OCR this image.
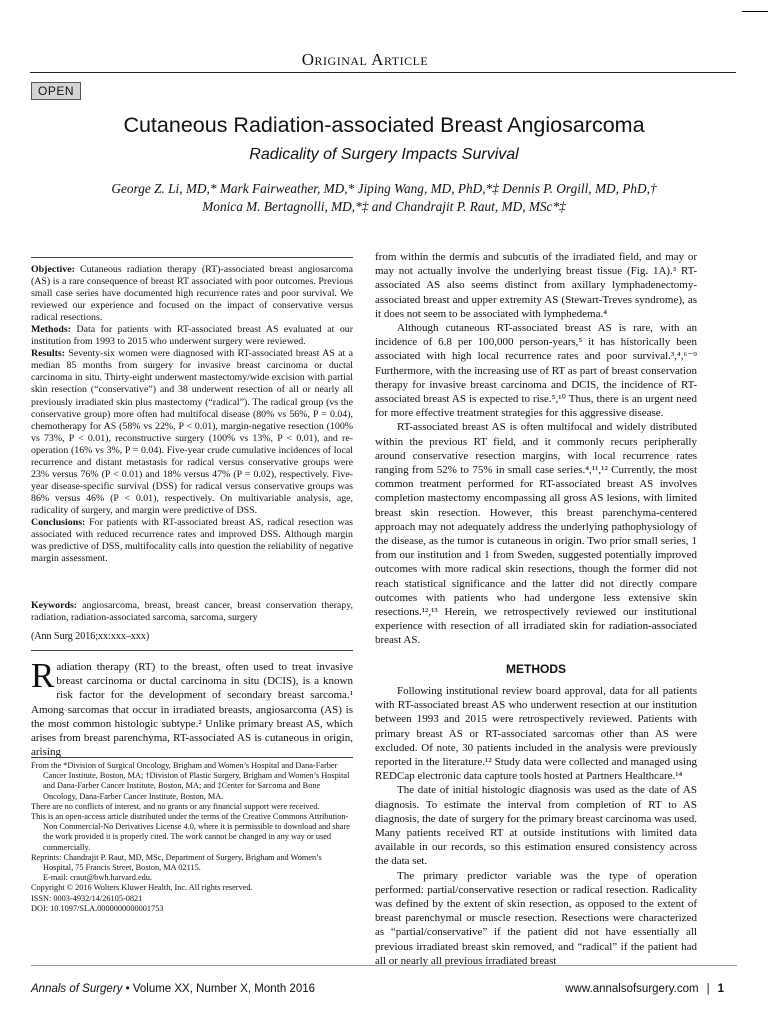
Original Article
OPEN
Cutaneous Radiation-associated Breast Angiosarcoma
Radicality of Surgery Impacts Survival

George Z. Li, MD,* Mark Fairweather, MD,* Jiping Wang, MD, PhD,*‡ Dennis P. Orgill, MD, PhD,†

Monica M. Bertagnolli, MD,*‡ and Chandrajit P. Raut, MD, MSc*‡

Objective: Cutaneous radiation therapy (RT)-associated breast angiosarcoma (AS) is a rare consequence of breast RT associated with poor outcomes. Previous small case series have documented high recurrence rates and poor survival. We reviewed our experience and focused on the impact of conservative versus radical resections.

Methods: Data for patients with RT-associated breast AS evaluated at our institution from 1993 to 2015 who underwent surgery were reviewed.

Results: Seventy-six women were diagnosed with RT-associated breast AS at a median 85 months from surgery for invasive breast carcinoma or ductal carcinoma in situ. Thirty-eight underwent mastectomy/wide excision with partial skin resection (“conservative”) and 38 underwent resection of all or nearly all previously irradiated skin plus mastectomy (“radical”). The radical group (vs the conservative group) more often had multifocal disease (80% vs 56%, P = 0.04), chemotherapy for AS (58% vs 22%, P < 0.01), margin-negative resection (100% vs 73%, P < 0.01), reconstructive surgery (100% vs 13%, P < 0.01), and re-operation (16% vs 3%, P = 0.04). Five-year crude cumulative incidences of local recurrence and distant metastasis for radical versus conservative groups were 23% versus 76% (P < 0.01) and 18% versus 47% (P = 0.02), respectively. Five-year disease-specific survival (DSS) for radical versus conservative groups was 86% versus 46% (P < 0.01), respectively. On multivariable analysis, age, radicality of surgery, and margin were predictive of DSS.

Conclusions: For patients with RT-associated breast AS, radical resection was associated with reduced recurrence rates and improved DSS. Although margin was predictive of DSS, multifocality calls into question the reliability of negative margin assessment.

Keywords: angiosarcoma, breast, breast cancer, breast conservation therapy, radiation, radiation-associated sarcoma, sarcoma, surgery

(Ann Surg 2016;xx:xxx–xxx)

Radiation therapy (RT) to the breast, often used to treat invasive breast carcinoma or ductal carcinoma in situ (DCIS), is a known risk factor for the development of secondary breast sarcoma.¹ Among sarcomas that occur in irradiated breasts, angiosarcoma (AS) is the most common histologic subtype.² Unlike primary breast AS, which arises from breast parenchyma, RT-associated AS is cutaneous in origin, arising

From the *Division of Surgical Oncology, Brigham and Women’s Hospital and Dana-Farber Cancer Institute, Boston, MA; †Division of Plastic Surgery, Brigham and Women’s Hospital and Dana-Farber Cancer Institute, Boston, MA; and ‡Center for Sarcoma and Bone Oncology, Dana-Farber Cancer Institute, Boston, MA.

There are no conflicts of interest, and no grants or any financial support were received.

This is an open-access article distributed under the terms of the Creative Commons Attribution-Non Commercial-No Derivatives License 4.0, where it is permissible to download and share the work provided it is properly cited. The work cannot be changed in any way or used commercially.

Reprints: Chandrajit P. Raut, MD, MSc, Department of Surgery, Brigham and Women’s Hospital, 75 Francis Street, Boston, MA 02115.

E-mail: craut@bwh.harvard.edu.

Copyright © 2016 Wolters Kluwer Health, Inc. All rights reserved.

ISSN: 0003-4932/14/26105-0821

DOI: 10.1097/SLA.0000000000001753

from within the dermis and subcutis of the irradiated field, and may or may not actually involve the underlying breast tissue (Fig. 1A).³ RT-associated AS also seems distinct from axillary lymphadenectomy-associated breast and upper extremity AS (Stewart-Treves syndrome), as it does not seem to be associated with lymphedema.⁴

Although cutaneous RT-associated breast AS is rare, with an incidence of 6.8 per 100,000 person-years,⁵ it has historically been associated with high local recurrence rates and poor survival.³,⁴,⁶⁻⁹ Furthermore, with the increasing use of RT as part of breast conservation therapy for invasive breast carcinoma and DCIS, the incidence of RT-associated breast AS is expected to rise.⁵,¹⁰ Thus, there is an urgent need for more effective treatment strategies for this aggressive disease.

RT-associated breast AS is often multifocal and widely distributed within the previous RT field, and it commonly recurs peripherally around conservative resection margins, with local recurrence rates ranging from 52% to 75% in small case series.⁴,¹¹,¹² Currently, the most common treatment performed for RT-associated breast AS involves completion mastectomy encompassing all gross AS lesions, with limited breast skin resection. However, this breast parenchyma-centered approach may not adequately address the underlying pathophysiology of the disease, as the tumor is cutaneous in origin. Two prior small series, 1 from our institution and 1 from Sweden, suggested potentially improved outcomes with more radical skin resections, though the former did not reach statistical significance and the latter did not directly compare outcomes with patients who had undergone less extensive skin resections.¹²,¹³ Herein, we retrospectively reviewed our institutional experience with resection of all irradiated skin for radiation-associated breast AS.

METHODS

Following institutional review board approval, data for all patients with RT-associated breast AS who underwent resection at our institution between 1993 and 2015 were retrospectively reviewed. Patients with primary breast AS or RT-associated sarcomas other than AS were excluded. Of note, 30 patients included in the analysis were previously reported in the literature.¹² Study data were collected and managed using REDCap electronic data capture tools hosted at Partners Healthcare.¹⁴

The date of initial histologic diagnosis was used as the date of AS diagnosis. To estimate the interval from completion of RT to AS diagnosis, the date of surgery for the primary breast carcinoma was used. Many patients received RT at outside institutions with limited data available in our records, so this estimation ensured consistency across the data set.

The primary predictor variable was the type of operation performed: partial/conservative resection or radical resection. Radicality was defined by the extent of skin resection, as opposed to the extent of breast parenchymal or muscle resection. Resections were characterized as “partial/conservative” if the patient did not have essentially all previous irradiated breast skin removed, and “radical” if the patient had all or nearly all previous irradiated breast

Annals of Surgery • Volume XX, Number X, Month 2016	www.annalsofsurgery.com | 1
